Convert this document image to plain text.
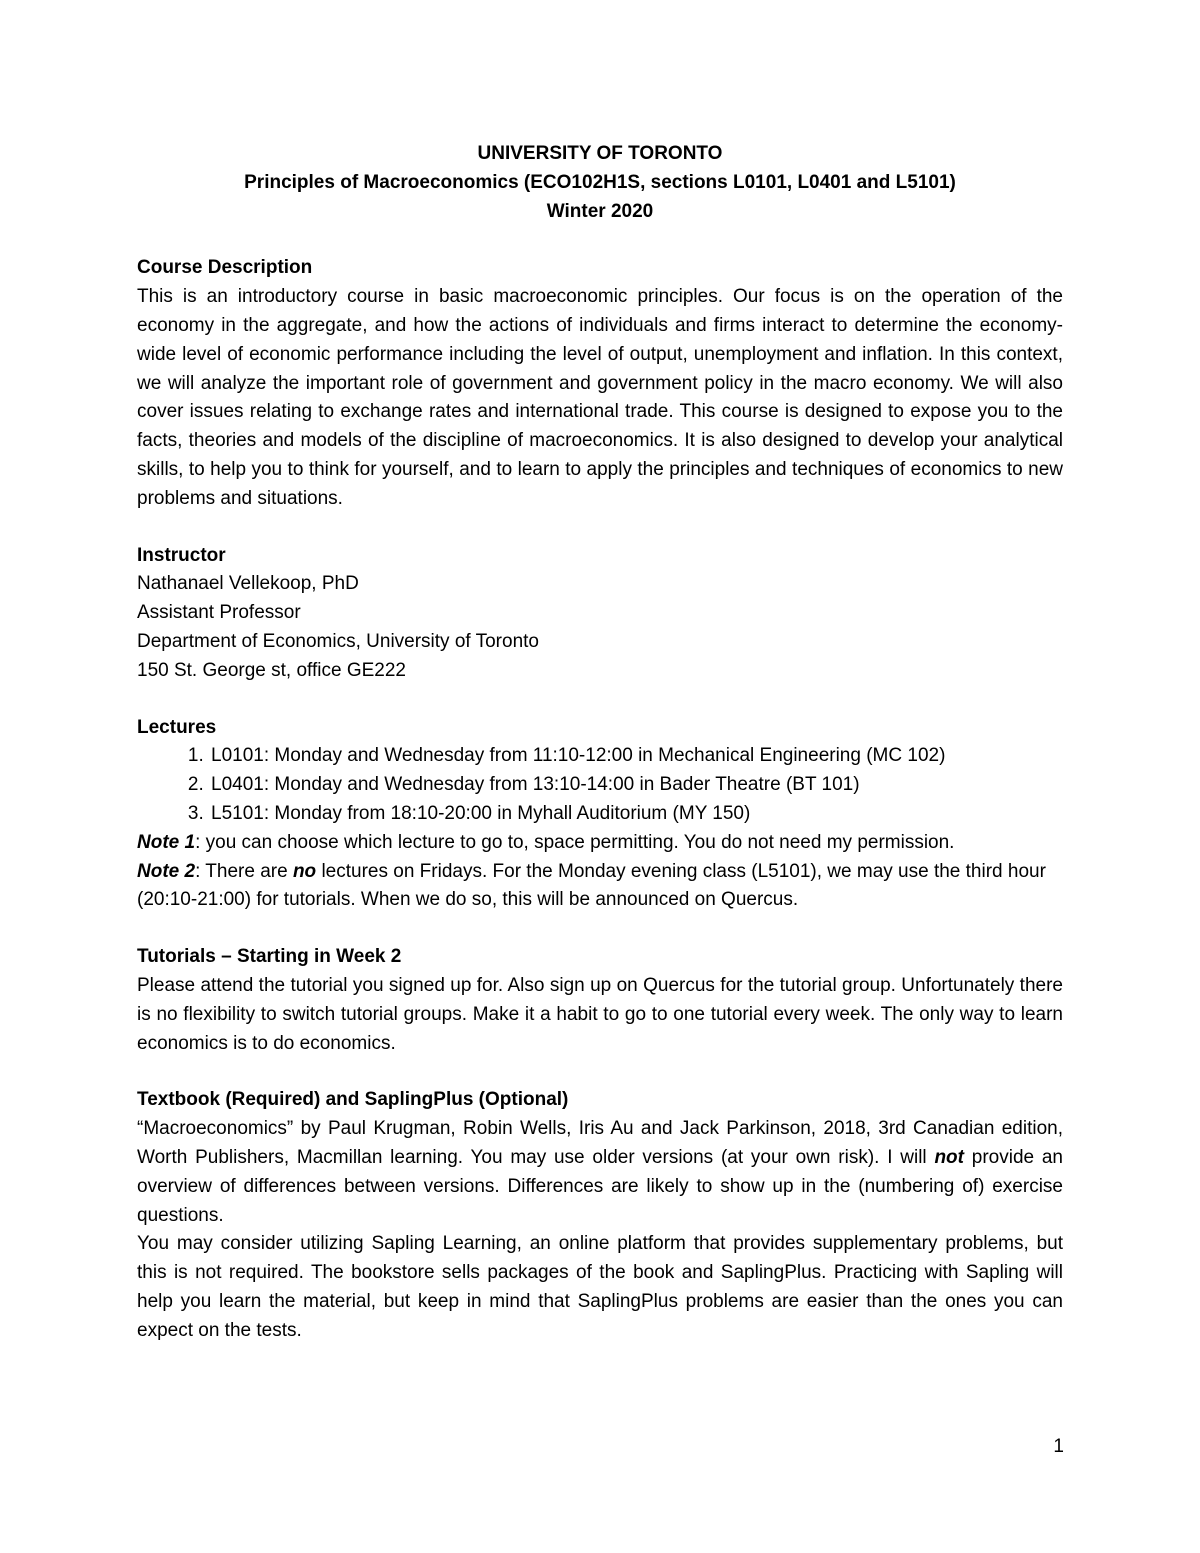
UNIVERSITY OF TORONTO
Principles of Macroeconomics (ECO102H1S, sections L0101, L0401 and L5101)
Winter 2020
Course Description
This is an introductory course in basic macroeconomic principles. Our focus is on the operation of the economy in the aggregate, and how the actions of individuals and firms interact to determine the economy-wide level of economic performance including the level of output, unemployment and inflation. In this context, we will analyze the important role of government and government policy in the macro economy. We will also cover issues relating to exchange rates and international trade. This course is designed to expose you to the facts, theories and models of the discipline of macroeconomics. It is also designed to develop your analytical skills, to help you to think for yourself, and to learn to apply the principles and techniques of economics to new problems and situations.
Instructor
Nathanael Vellekoop, PhD
Assistant Professor
Department of Economics, University of Toronto
150 St. George st, office GE222
Lectures
1. L0101: Monday and Wednesday from 11:10-12:00 in Mechanical Engineering (MC 102)
2. L0401: Monday and Wednesday from 13:10-14:00 in Bader Theatre (BT 101)
3. L5101: Monday from 18:10-20:00 in Myhall Auditorium (MY 150)
Note 1: you can choose which lecture to go to, space permitting. You do not need my permission.
Note 2: There are no lectures on Fridays. For the Monday evening class (L5101), we may use the third hour (20:10-21:00) for tutorials. When we do so, this will be announced on Quercus.
Tutorials – Starting in Week 2
Please attend the tutorial you signed up for. Also sign up on Quercus for the tutorial group. Unfortunately there is no flexibility to switch tutorial groups. Make it a habit to go to one tutorial every week. The only way to learn economics is to do economics.
Textbook (Required) and SaplingPlus (Optional)
“Macroeconomics” by Paul Krugman, Robin Wells, Iris Au and Jack Parkinson, 2018, 3rd Canadian edition, Worth Publishers, Macmillan learning. You may use older versions (at your own risk). I will not provide an overview of differences between versions. Differences are likely to show up in the (numbering of) exercise questions.
You may consider utilizing Sapling Learning, an online platform that provides supplementary problems, but this is not required. The bookstore sells packages of the book and SaplingPlus. Practicing with Sapling will help you learn the material, but keep in mind that SaplingPlus problems are easier than the ones you can expect on the tests.
1
